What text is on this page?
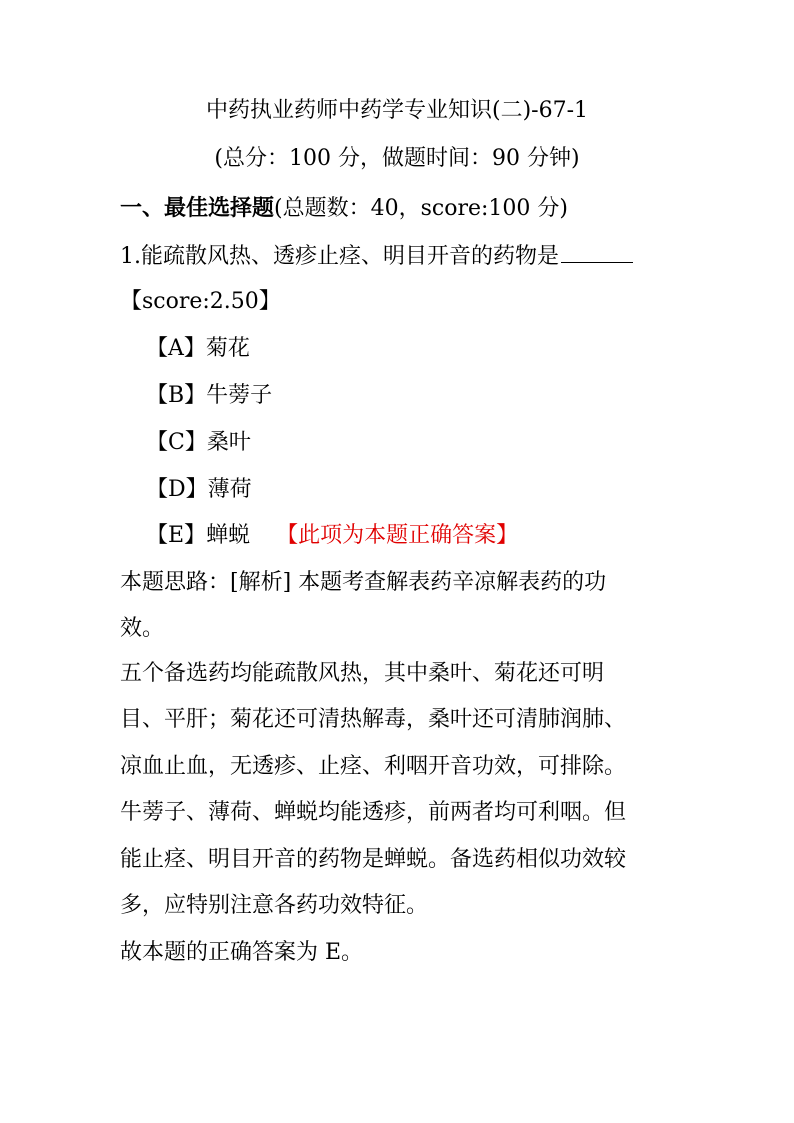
中药执业药师中药学专业知识(二)-67-1
(总分：100 分，做题时间：90 分钟)
一、最佳选择题(总题数：40，score:100 分)
1.能疏散风热、透疹止痉、明目开音的药物是
【score:2.50】
【A】菊花
【B】牛蒡子
【C】桑叶
【D】薄荷
【E】蝉蜕 【此项为本题正确答案】
本题思路：[解析] 本题考查解表药辛凉解表药的功
效。
五个备选药均能疏散风热，其中桑叶、菊花还可明
目、平肝；菊花还可清热解毒，桑叶还可清肺润肺、
凉血止血，无透疹、止痉、利咽开音功效，可排除。
牛蒡子、薄荷、蝉蜕均能透疹，前两者均可利咽。但
能止痉、明目开音的药物是蝉蜕。备选药相似功效较
多，应特别注意各药功效特征。
故本题的正确答案为 E。
